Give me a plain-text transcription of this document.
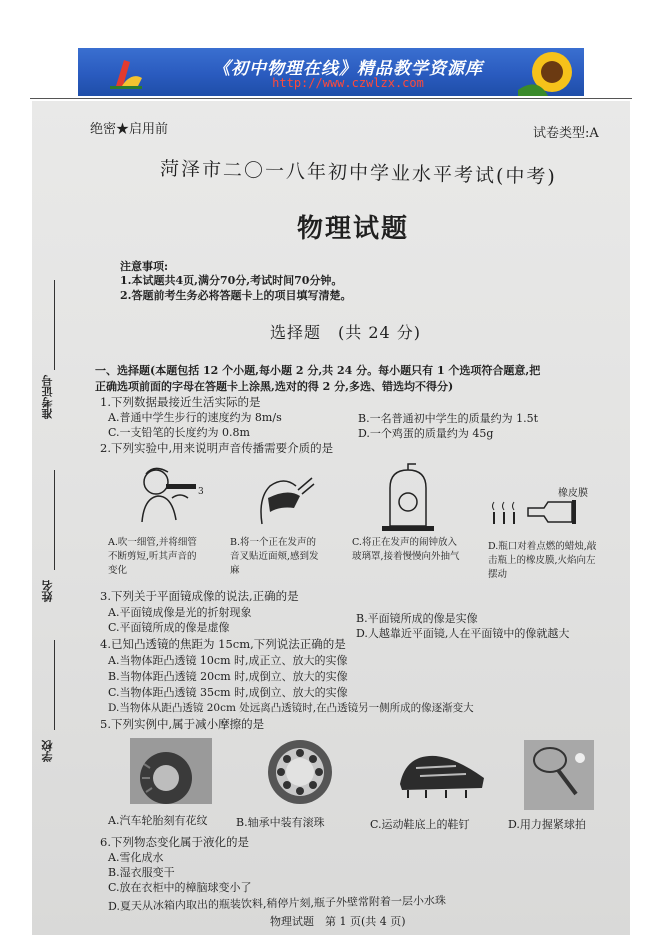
《初中物理在线》精品教学资源库
http://www.czwlzx.com
绝密★启用前	试卷类型:A
菏泽市二〇一八年初中学业水平考试(中考)
物理试题
注意事项:
1.本试题共4页,满分70分,考试时间70分钟。
2.答题前考生务必将答题卡上的项目填写清楚。
选择题　(共 24 分)
一、选择题(本题包括 12 个小题,每小题 2 分,共 24 分。每小题只有 1 个选项符合题意,把
正确选项前面的字母在答题卡上涂黑,选对的得 2 分,多选、错选均不得分)
准考证号
姓名
学校
1.下列数据最接近生活实际的是
A.普通中学生步行的速度约为 8m/s	B.一名普通初中学生的质量约为 1.5t
C.一支铅笔的长度约为 0.8m	D.一个鸡蛋的质量约为 45g
2.下列实验中,用来说明声音传播需要介质的是
3	橡皮膜
A.吹一细管,并将细管不断剪短,听其声音的变化
B.将一个正在发声的音叉贴近面颊,感到发麻
C.将正在发声的闹钟放入玻璃罩,接着慢慢向外抽气
D.瓶口对着点燃的蜡烛,敲击瓶上的橡皮膜,火焰向左摆动
3.下列关于平面镜成像的说法,正确的是
A.平面镜成像是光的折射现象	B.平面镜所成的像是实像
C.平面镜所成的像是虚像	D.人越靠近平面镜,人在平面镜中的像就越大
4.已知凸透镜的焦距为 15cm,下列说法正确的是
A.当物体距凸透镜 10cm 时,成正立、放大的实像
B.当物体距凸透镜 20cm 时,成倒立、放大的实像
C.当物体距凸透镜 35cm 时,成倒立、放大的实像
D.当物体从距凸透镜 20cm 处远离凸透镜时,在凸透镜另一侧所成的像逐渐变大
5.下列实例中,属于减小摩擦的是
A.汽车轮胎刻有花纹	B.轴承中装有滚珠	C.运动鞋底上的鞋钉	D.用力握紧球拍
6.下列物态变化属于液化的是
A.雪化成水
B.湿衣服变干
C.放在衣柜中的樟脑球变小了
D.夏天从冰箱内取出的瓶装饮料,稍停片刻,瓶子外壁常附着一层小水珠
物理试题　第 1 页(共 4 页)
